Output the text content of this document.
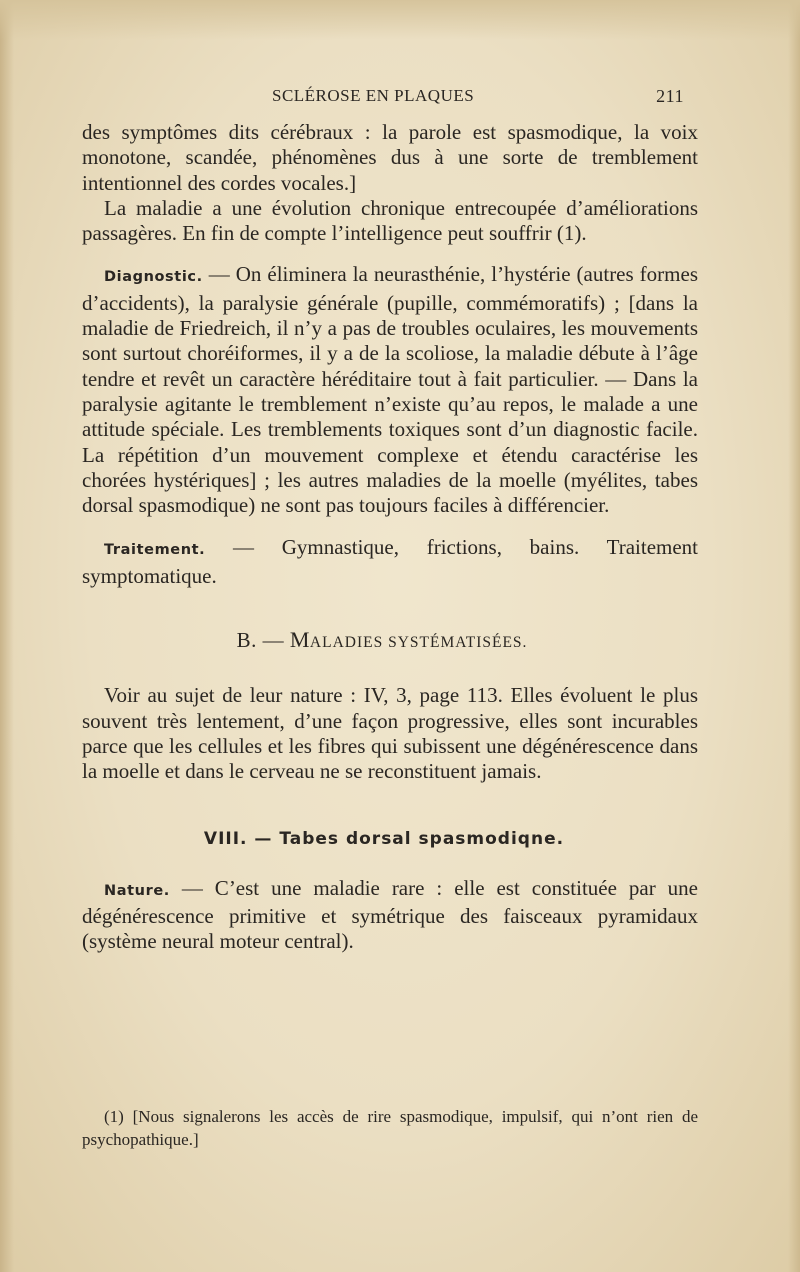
SCLÉROSE EN PLAQUES	211

des symptômes dits cérébraux : la parole est spasmodique, la voix monotone, scandée, phénomènes dus à une sorte de tremblement intentionnel des cordes vocales.]

La maladie a une évolution chronique entrecoupée d’améliorations passagères. En fin de compte l’intelligence peut souffrir (1).

Diagnostic. — On éliminera la neurasthénie, l’hystérie (autres formes d’accidents), la paralysie générale (pupille, commémoratifs) ; [dans la maladie de Friedreich, il n’y a pas de troubles oculaires, les mouvements sont surtout choréiformes, il y a de la scoliose, la maladie débute à l’âge tendre et revêt un caractère héréditaire tout à fait particulier. — Dans la paralysie agitante le tremblement n’existe qu’au repos, le malade a une attitude spéciale. Les tremblements toxiques sont d’un diagnostic facile. La répétition d’un mouvement complexe et étendu caractérise les chorées hystériques] ; les autres maladies de la moelle (myélites, tabes dorsal spasmodique) ne sont pas toujours faciles à différencier.

Traitement. — Gymnastique, frictions, bains. Traitement symptomatique.

B. — MALADIES SYSTÉMATISÉES.

Voir au sujet de leur nature : IV, 3, page 113. Elles évoluent le plus souvent très lentement, d’une façon progressive, elles sont incurables parce que les cellules et les fibres qui subissent une dégénérescence dans la moelle et dans le cerveau ne se reconstituent jamais.

VIII. — Tabes dorsal spasmodiqne.

Nature. — C’est une maladie rare : elle est constituée par une dégénérescence primitive et symétrique des faisceaux pyramidaux (système neural moteur central).

(1) [Nous signalerons les accès de rire spasmodique, impulsif, qui n’ont rien de psychopathique.]
